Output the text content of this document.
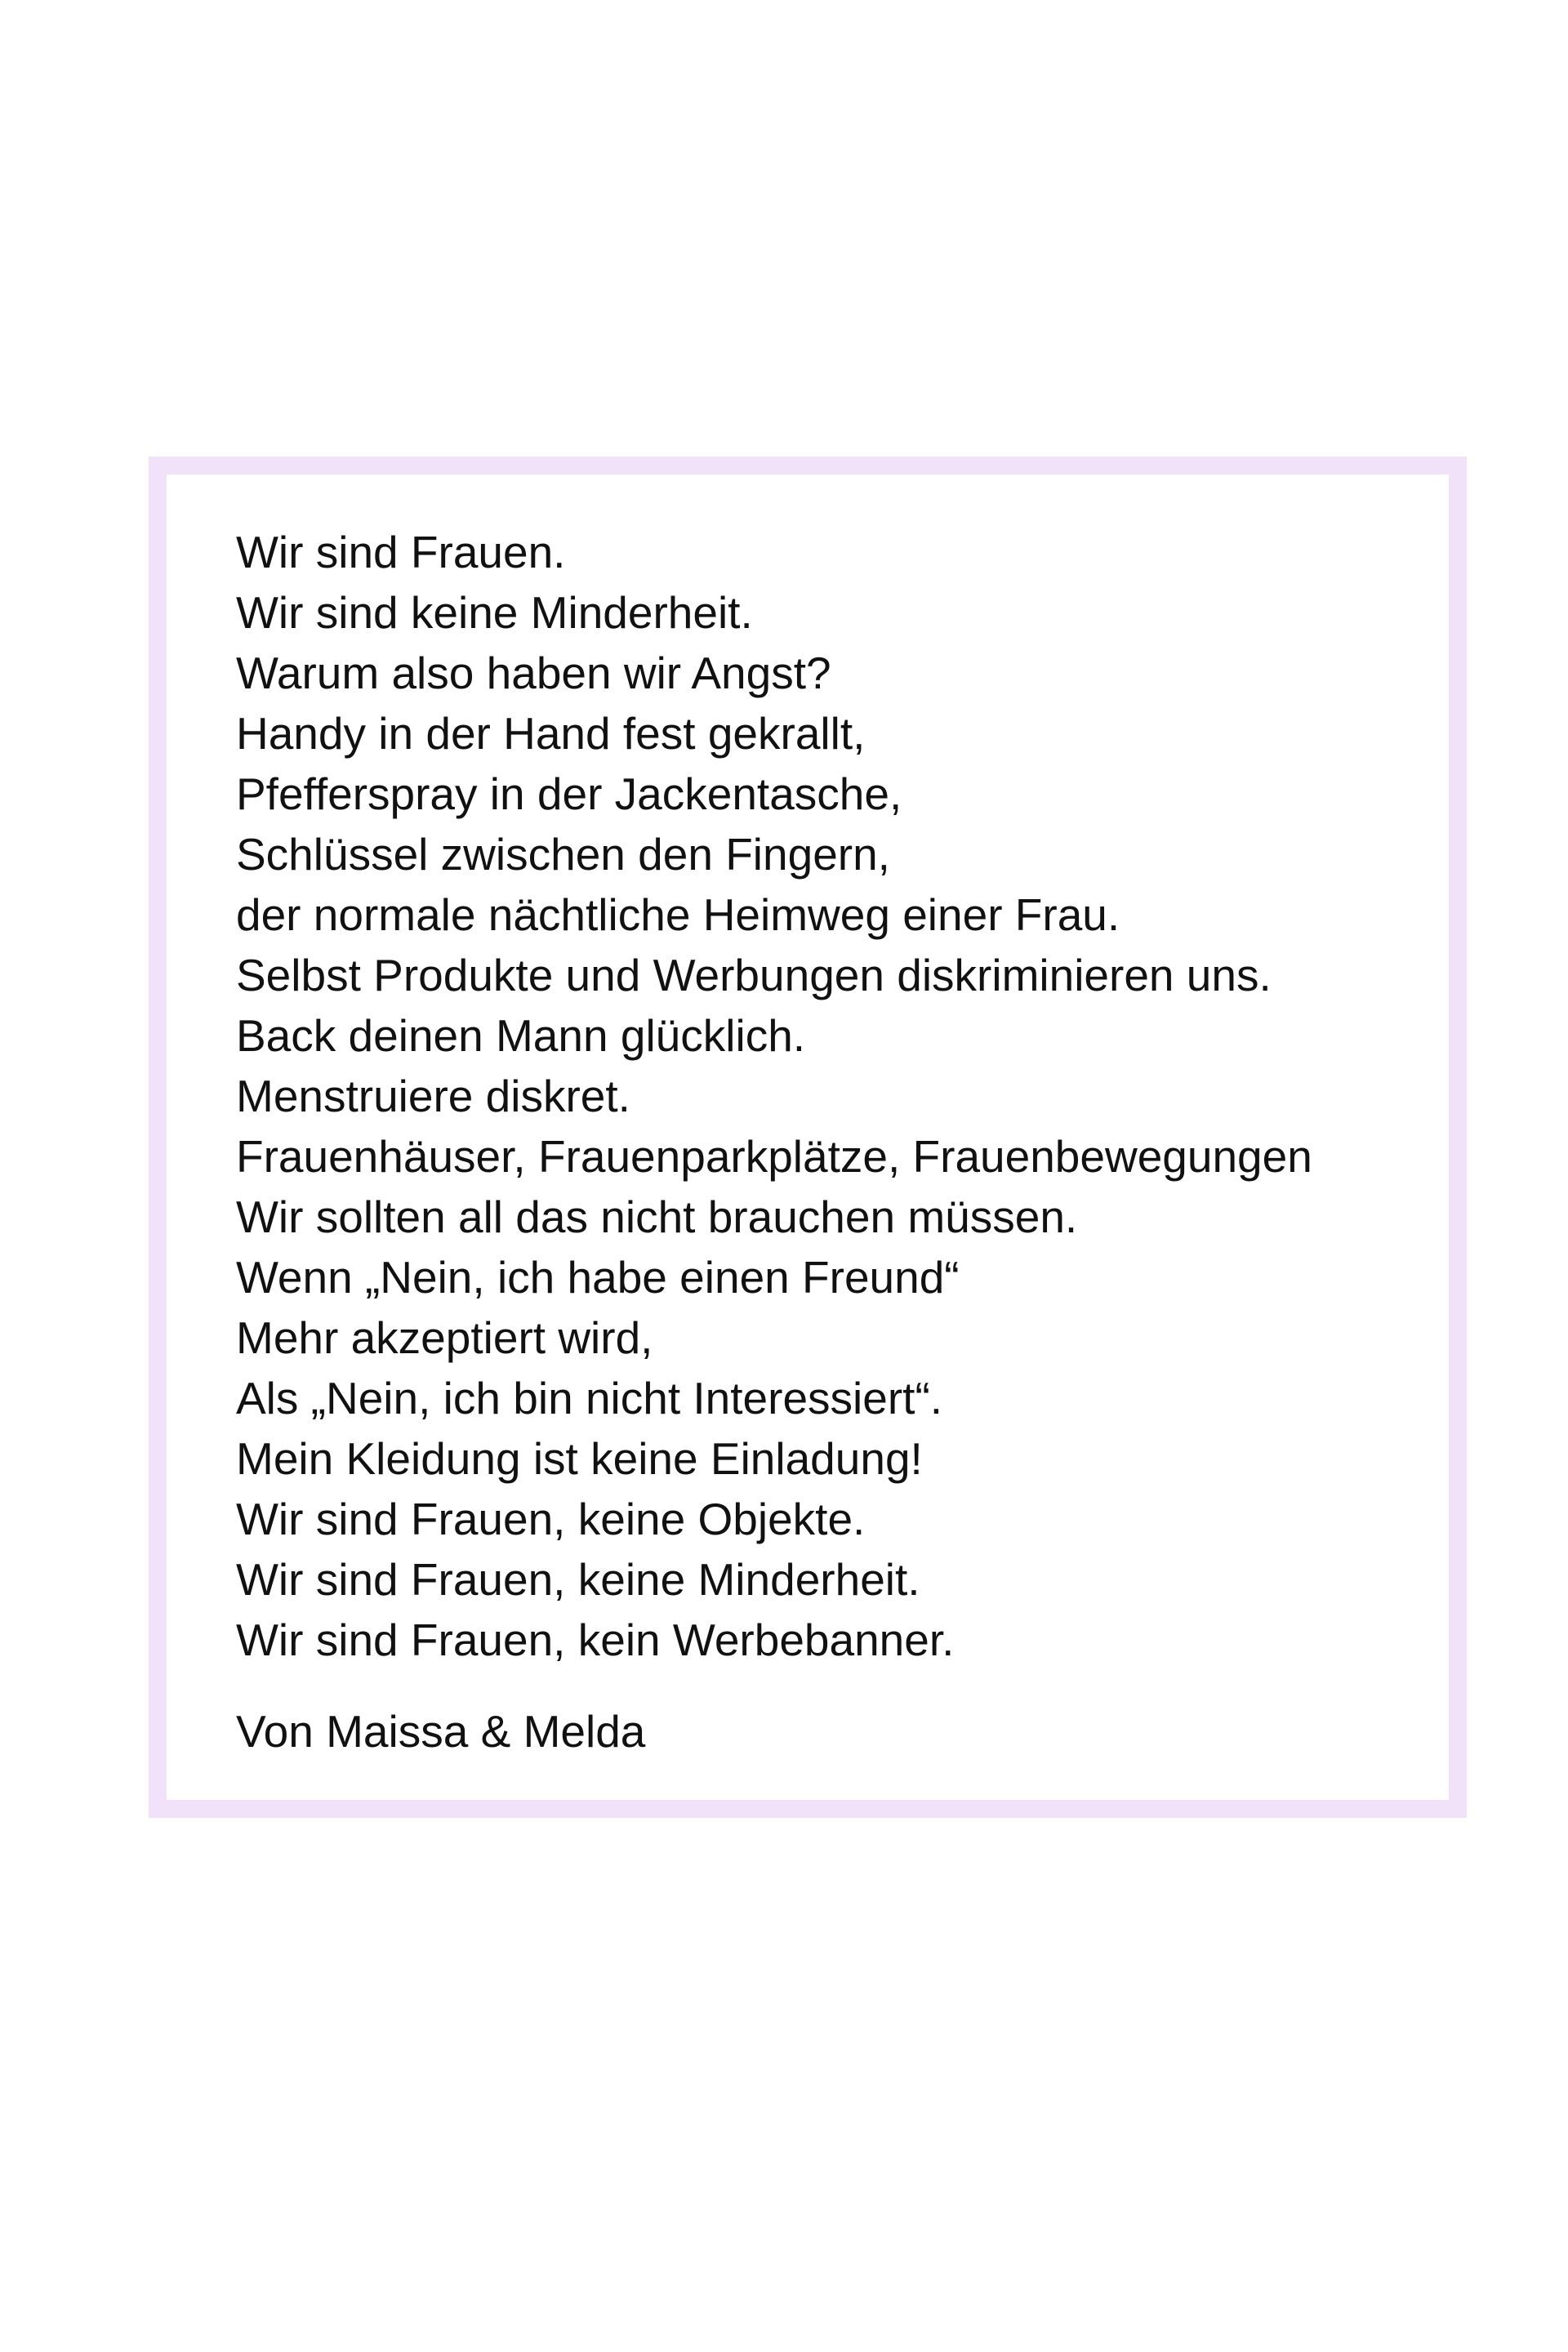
Wir sind Frauen.
Wir sind keine Minderheit.
Warum also haben wir Angst?
Handy in der Hand fest gekrallt,
Pfefferspray in der Jackentasche,
Schlüssel zwischen den Fingern,
der normale nächtliche Heimweg einer Frau.
Selbst Produkte und Werbungen diskriminieren uns.
Back deinen Mann glücklich.
Menstruiere diskret.
Frauenhäuser, Frauenparkplätze, Frauenbewegungen
Wir sollten all das nicht brauchen müssen.
Wenn „Nein, ich habe einen Freund“
Mehr akzeptiert wird,
Als „Nein, ich bin nicht Interessiert“.
Mein Kleidung ist keine Einladung!
Wir sind Frauen, keine Objekte.
Wir sind Frauen, keine Minderheit.
Wir sind Frauen, kein Werbebanner.
Von Maissa & Melda
